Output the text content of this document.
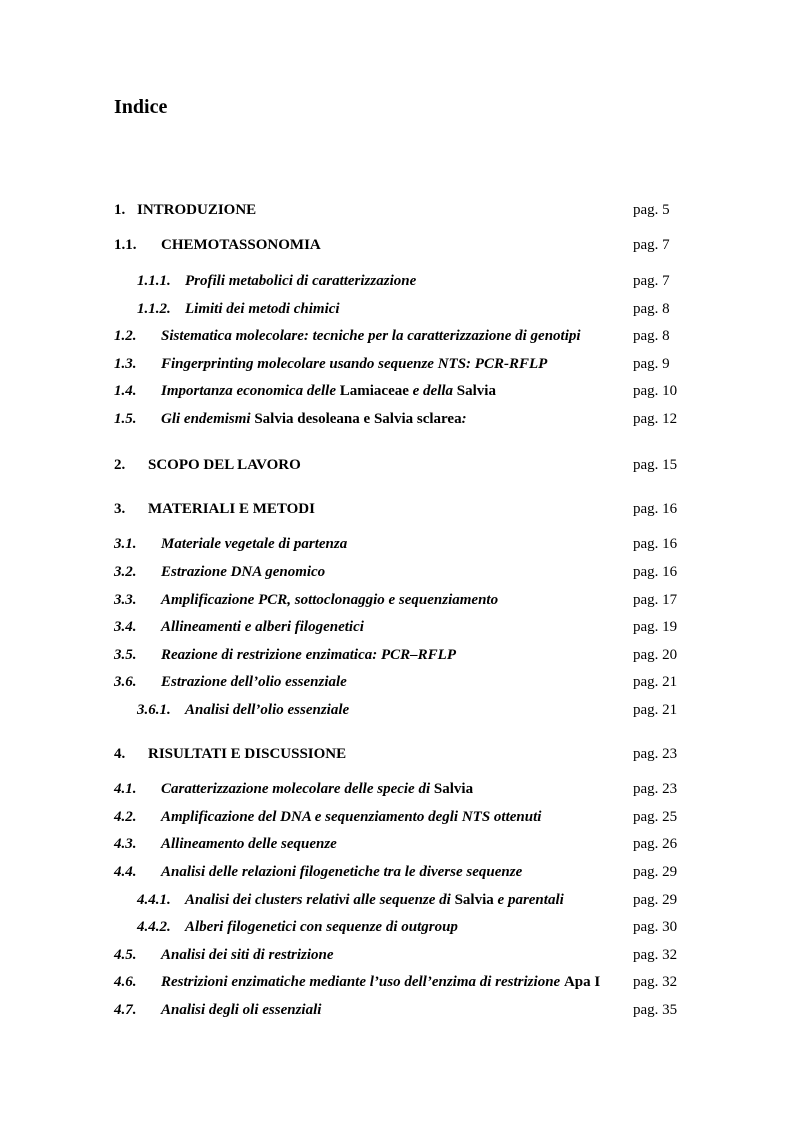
Indice
1. INTRODUZIONE	pag. 5
1.1. CHEMOTASSONOMIA	pag. 7
1.1.1. Profili metabolici di caratterizzazione	pag. 7
1.1.2. Limiti dei metodi chimici	pag. 8
1.2. Sistematica molecolare: tecniche per la caratterizzazione di genotipi	pag. 8
1.3. Fingerprinting molecolare usando sequenze NTS: PCR-RFLP	pag. 9
1.4. Importanza economica delle Lamiaceae e della Salvia	pag. 10
1.5. Gli endemismi Salvia desoleana e Salvia sclarea:	pag. 12
2. SCOPO DEL LAVORO	pag. 15
3. MATERIALI E METODI	pag. 16
3.1. Materiale vegetale di partenza	pag. 16
3.2. Estrazione DNA genomico	pag. 16
3.3. Amplificazione PCR, sottoclonaggio e sequenziamento	pag. 17
3.4. Allineamenti e alberi filogenetici	pag. 19
3.5. Reazione di restrizione enzimatica: PCR–RFLP	pag. 20
3.6. Estrazione dell’olio essenziale	pag. 21
3.6.1. Analisi dell’olio essenziale	pag. 21
4. RISULTATI E DISCUSSIONE	pag. 23
4.1. Caratterizzazione molecolare delle specie di Salvia	pag. 23
4.2. Amplificazione del DNA e sequenziamento degli NTS ottenuti	pag. 25
4.3. Allineamento delle sequenze	pag. 26
4.4. Analisi delle relazioni filogenetiche tra le diverse sequenze	pag. 29
4.4.1. Analisi dei clusters relativi alle sequenze di Salvia e parentali	pag. 29
4.4.2. Alberi filogenetici con sequenze di outgroup	pag. 30
4.5. Analisi dei siti di restrizione	pag. 32
4.6. Restrizioni enzimatiche mediante l’uso dell’enzima di restrizione Apa I pag. 32
4.7. Analisi degli oli essenziali	pag. 35
